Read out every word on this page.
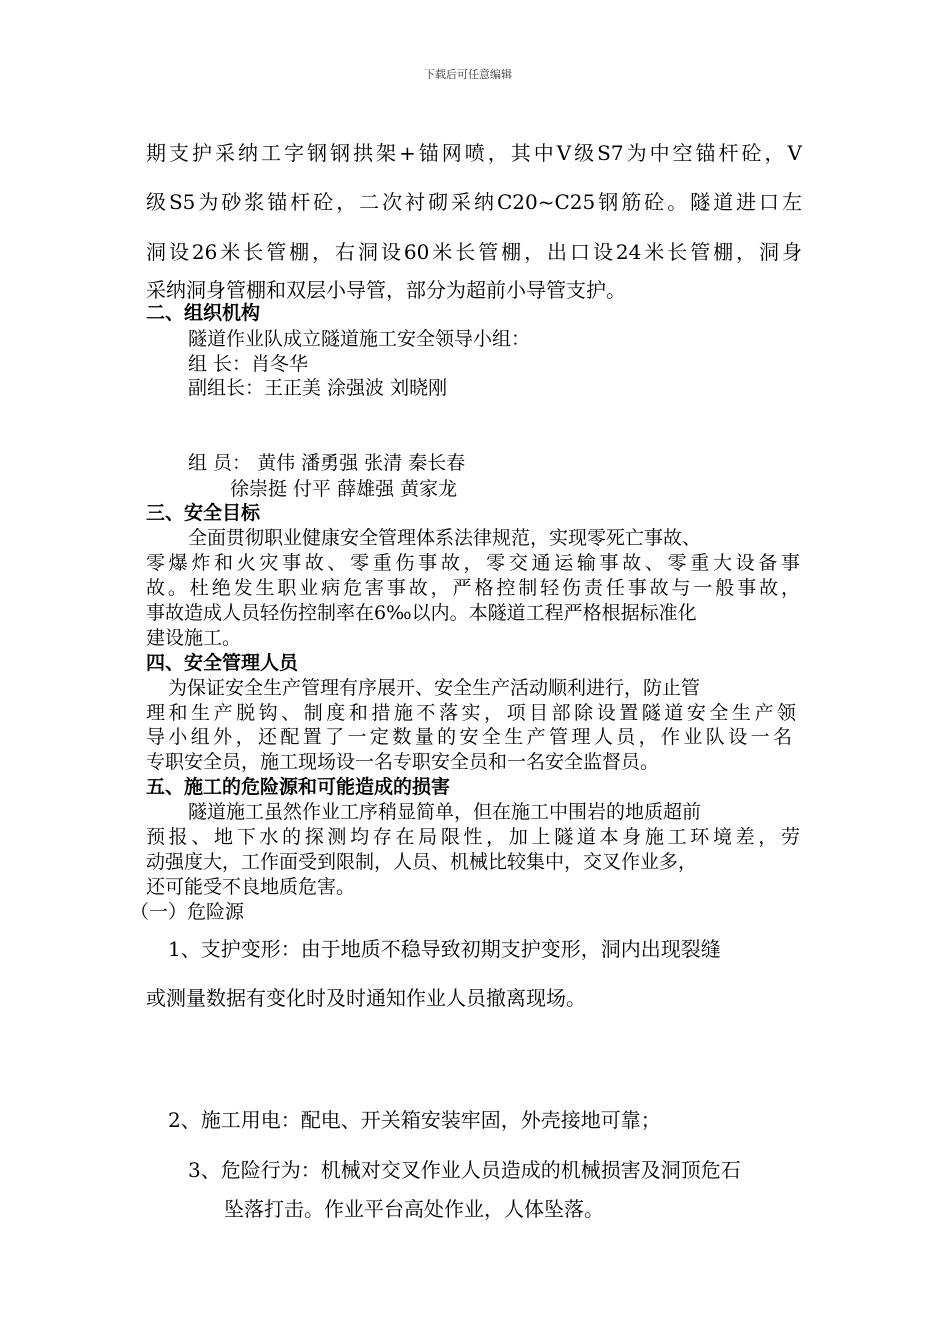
下载后可任意编辑

期支护采纳工字钢钢拱架+锚网喷，其中Ⅴ级S7为中空锚杆砼，Ⅴ

级S5为砂浆锚杆砼，二次衬砌采纳C20~C25钢筋砼。隧道进口左

洞设26米长管棚，右洞设60米长管棚，出口设24米长管棚，洞身

采纳洞身管棚和双层小导管，部分为超前小导管支护。

二、组织机构

隧道作业队成立隧道施工安全领导小组：

组 长：肖冬华

副组长：王正美 涂强波 刘晓刚

组 员： 黄伟 潘勇强 张清 秦长春

徐崇挺 付平 薛雄强 黄家龙

三、安全目标

全面贯彻职业健康安全管理体系法律规范，实现零死亡事故、

零爆炸和火灾事故、零重伤事故，零交通运输事故、零重大设备事

故。杜绝发生职业病危害事故，严格控制轻伤责任事故与一般事故，

事故造成人员轻伤控制率在6‰以内。本隧道工程严格根据标准化

建设施工。

四、安全管理人员

为保证安全生产管理有序展开、安全生产活动顺利进行，防止管

理和生产脱钩、制度和措施不落实，项目部除设置隧道安全生产领

导小组外，还配置了一定数量的安全生产管理人员，作业队设一名

专职安全员，施工现场设一名专职安全员和一名安全监督员。

五、施工的危险源和可能造成的损害

隧道施工虽然作业工序稍显简单，但在施工中围岩的地质超前

预报、地下水的探测均存在局限性，加上隧道本身施工环境差，劳

动强度大，工作面受到限制，人员、机械比较集中，交叉作业多，

还可能受不良地质危害。

（一）危险源

1、支护变形：由于地质不稳导致初期支护变形，洞内出现裂缝

或测量数据有变化时及时通知作业人员撤离现场。

2、施工用电：配电、开关箱安装牢固，外壳接地可靠；

3、危险行为：机械对交叉作业人员造成的机械损害及洞顶危石

坠落打击。作业平台高处作业，人体坠落。
